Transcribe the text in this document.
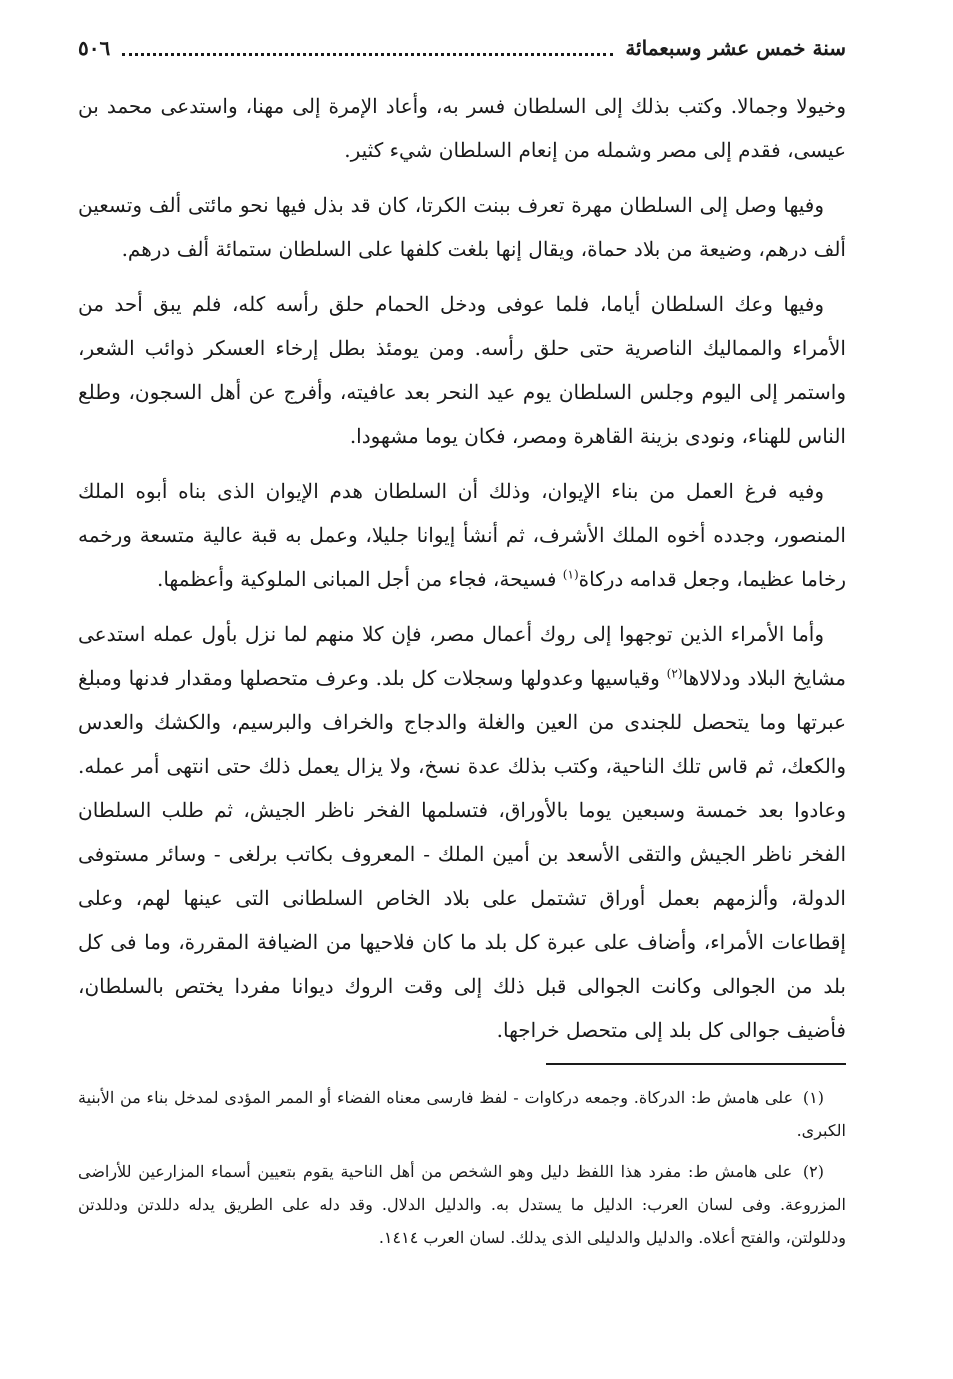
سنة خمس عشر وسبعمائة
٥٠٦

وخيولا وجمالا. وكتب بذلك إلى السلطان فسر به، وأعاد الإمرة إلى مهنا، واستدعى محمد بن عيسى، فقدم إلى مصر وشمله من إنعام السلطان شيء كثير.

وفيها وصل إلى السلطان مهرة تعرف ببنت الكرتا، كان قد بذل فيها نحو مائتى ألف وتسعين ألف درهم، وضيعة من بلاد حماة، ويقال إنها بلغت كلفها على السلطان ستمائة ألف درهم.

وفيها وعك السلطان أياما، فلما عوفى ودخل الحمام حلق رأسه كله، فلم يبق أحد من الأمراء والمماليك الناصرية حتى حلق رأسه. ومن يومئذ بطل إرخاء العسكر ذوائب الشعر، واستمر إلى اليوم وجلس السلطان يوم عيد النحر بعد عافيته، وأفرج عن أهل السجون، وطلع الناس للهناء، ونودى بزينة القاهرة ومصر، فكان يوما مشهودا.

وفيه فرغ العمل من بناء الإيوان، وذلك أن السلطان هدم الإيوان الذى بناه أبوه الملك المنصور، وجدده أخوه الملك الأشرف، ثم أنشأ إيوانا جليلا، وعمل به قبة عالية متسعة ورخمه رخاما عظيما، وجعل قدامه دركاة$^{(١)}$ فسيحة، فجاء من أجل المبانى الملوكية وأعظمها.

وأما الأمراء الذين توجهوا إلى روك أعمال مصر، فإن كلا منهم لما نزل بأول عمله استدعى مشايخ البلاد ودلالاها$^{(٢)}$ وقياسيها وعدولها وسجلات كل بلد. وعرف متحصلها ومقدار فدنها ومبلغ عبرتها وما يتحصل للجندى من العين والغلة والدجاج والخراف والبرسيم، والكشك والعدس والكعك، ثم قاس تلك الناحية، وكتب بذلك عدة نسخ، ولا يزال يعمل ذلك حتى انتهى أمر عمله. وعادوا بعد خمسة وسبعين يوما بالأوراق، فتسلمها الفخر ناظر الجيش، ثم طلب السلطان الفخر ناظر الجيش والتقى الأسعد بن أمين الملك - المعروف بكاتب برلغى - وسائر مستوفى الدولة، وألزمهم بعمل أوراق تشتمل على بلاد الخاص السلطانى التى عينها لهم، وعلى إقطاعات الأمراء، وأضاف على عبرة كل بلد ما كان فلاحيها من الضيافة المقررة، وما فى كل بلد من الجوالى وكانت الجوالى قبل ذلك إلى وقت الروك ديوانا مفردا يختص بالسلطان، فأضيف جوالى كل بلد إلى متحصل خراجها.

(١) على هامش ط: الدركاة. وجمعه دركاوات - لفظ فارسى معناه الفضاء أو الممر المؤدى لمدخل بناء من الأبنية الكبرى.

(٢) على هامش ط: مفرد هذا اللفظ دليل وهو الشخص من أهل الناحية يقوم بتعيين أسماء المزارعين للأراضى المزروعة. وفى لسان العرب: الدليل ما يستدل به. والدليل الدلال. وقد دله على الطريق يدله دللدتن ودللدتن ودللولتن، والفتح أعلاه. والدليل والدليلى الذى يدلك. لسان العرب ١٤١٤.
